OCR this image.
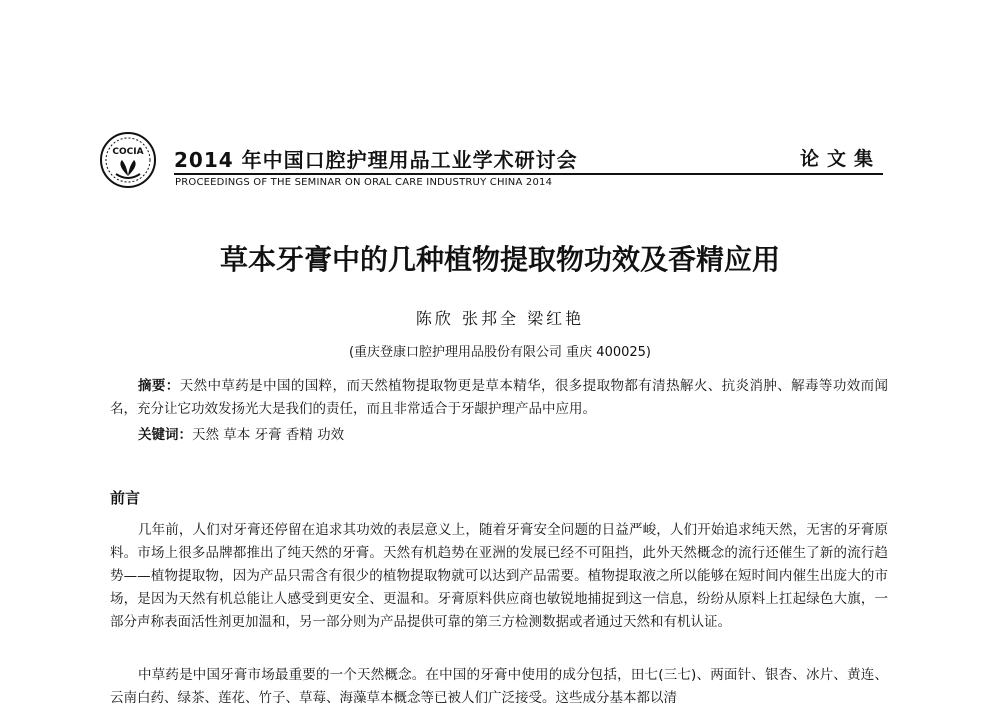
COCIA 2014 年中国口腔护理用品工业学术研讨会
PROCEEDINGS OF THE SEMINAR ON ORAL CARE INDUSTRUY CHINA 2014
论文集
草本牙膏中的几种植物提取物功效及香精应用
陈欣 张邦全 梁红艳
(重庆登康口腔护理用品股份有限公司 重庆 400025)
摘要：天然中草药是中国的国粹，而天然植物提取物更是草本精华，很多提取物都有清热解火、抗炎消肿、解毒等功效而闻名，充分让它功效发扬光大是我们的责任，而且非常适合于牙龈护理产品中应用。
关键词：天然 草本 牙膏 香精 功效
前言
几年前，人们对牙膏还停留在追求其功效的表层意义上，随着牙膏安全问题的日益严峻，人们开始追求纯天然，无害的牙膏原料。市场上很多品牌都推出了纯天然的牙膏。天然有机趋势在亚洲的发展已经不可阻挡，此外天然概念的流行还催生了新的流行趋势——植物提取物，因为产品只需含有很少的植物提取物就可以达到产品需要。植物提取液之所以能够在短时间内催生出庞大的市场，是因为天然有机总能让人感受到更安全、更温和。牙膏原料供应商也敏锐地捕捉到这一信息，纷纷从原料上扛起绿色大旗，一部分声称表面活性剂更加温和，另一部分则为产品提供可靠的第三方检测数据或者通过天然和有机认证。
中草药是中国牙膏市场最重要的一个天然概念。在中国的牙膏中使用的成分包括，田七(三七)、两面针、银杏、冰片、黄连、云南白药、绿茶、莲花、竹子、草莓、海藻草本概念等已被人们广泛接受。这些成分基本都以清
